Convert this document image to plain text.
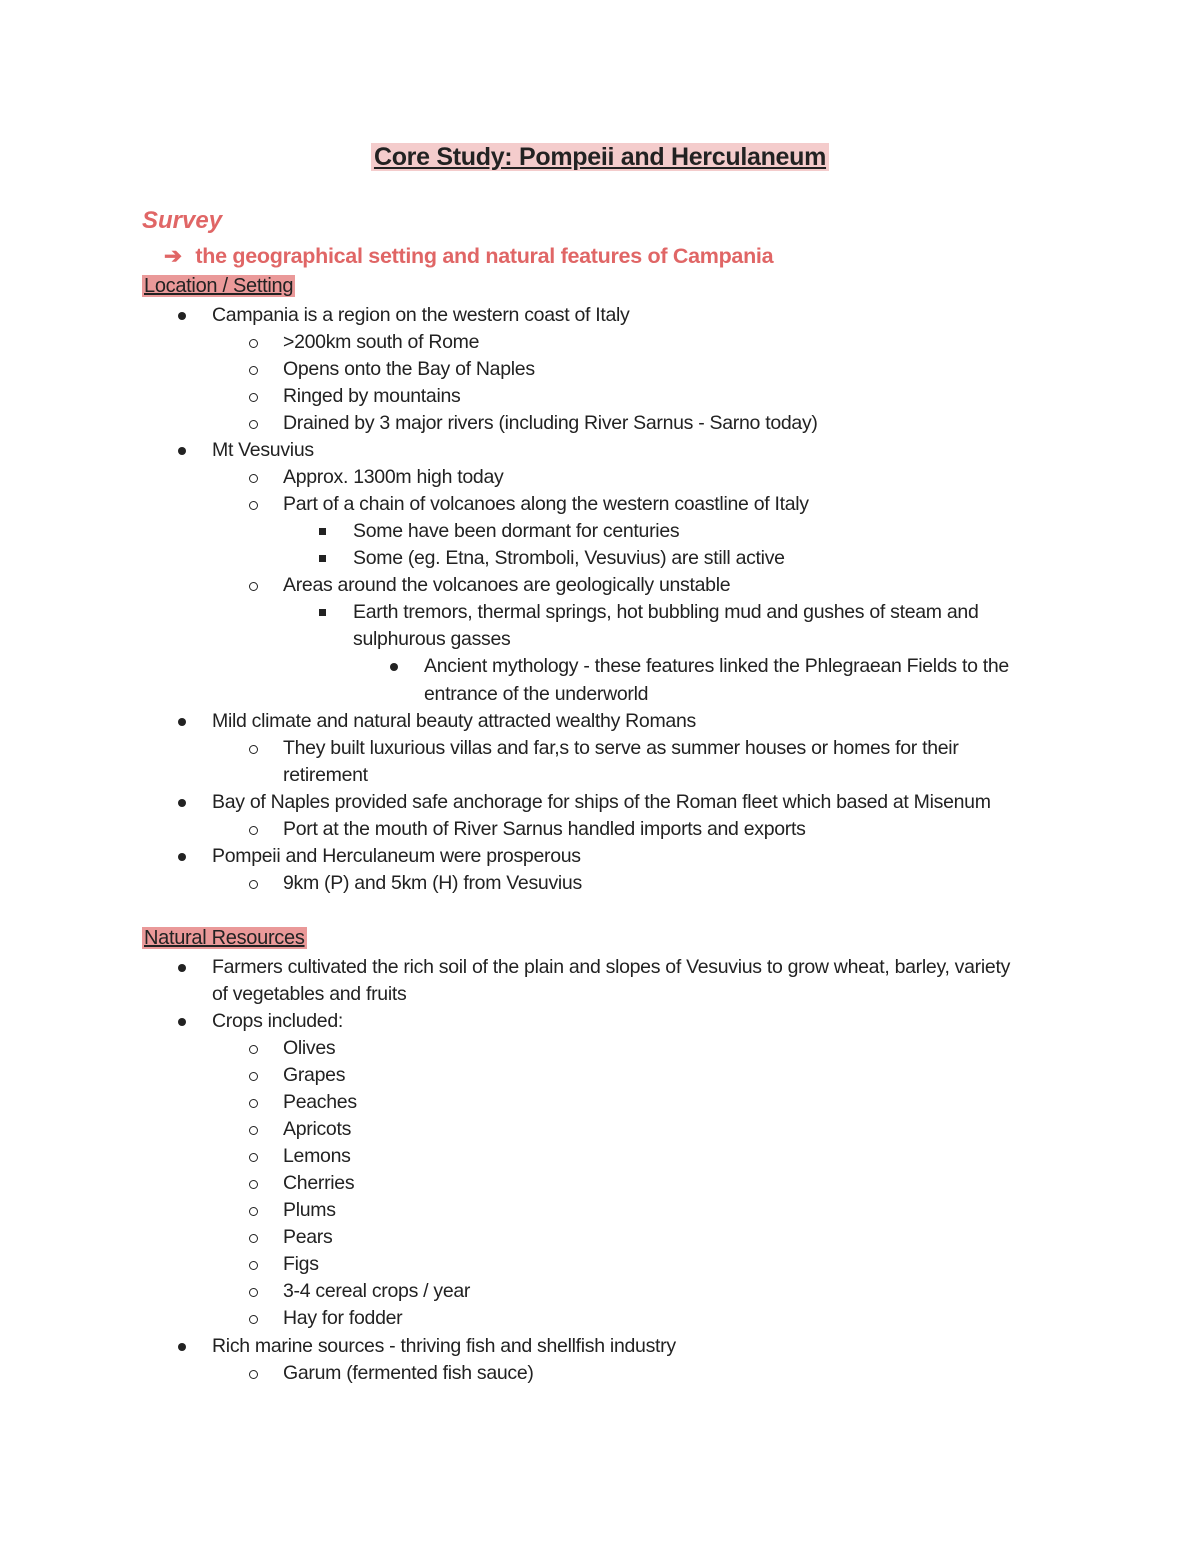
Core Study: Pompeii and Herculaneum
Survey
➔ the geographical setting and natural features of Campania
Location / Setting
Natural Resources
Campania is a region on the western coast of Italy
>200km south of Rome
Opens onto the Bay of Naples
Ringed by mountains
Drained by 3 major rivers (including River Sarnus - Sarno today)
Mt Vesuvius
Approx. 1300m high today
Part of a chain of volcanoes along the western coastline of Italy
Some have been dormant for centuries
Some (eg. Etna, Stromboli, Vesuvius) are still active
Areas around the volcanoes are geologically unstable
Earth tremors, thermal springs, hot bubbling mud and gushes of steam and
sulphurous gasses
Ancient mythology - these features linked the Phlegraean Fields to the
entrance of the underworld
Mild climate and natural beauty attracted wealthy Romans
They built luxurious villas and far,s to serve as summer houses or homes for their
retirement
Bay of Naples provided safe anchorage for ships of the Roman fleet which based at Misenum
Port at the mouth of River Sarnus handled imports and exports
Pompeii and Herculaneum were prosperous
9km (P) and 5km (H) from Vesuvius
Farmers cultivated the rich soil of the plain and slopes of Vesuvius to grow wheat, barley, variety
of vegetables and fruits
Crops included:
Olives
Grapes
Peaches
Apricots
Lemons
Cherries
Plums
Pears
Figs
3-4 cereal crops / year
Hay for fodder
Rich marine sources - thriving fish and shellfish industry
Garum (fermented fish sauce)
